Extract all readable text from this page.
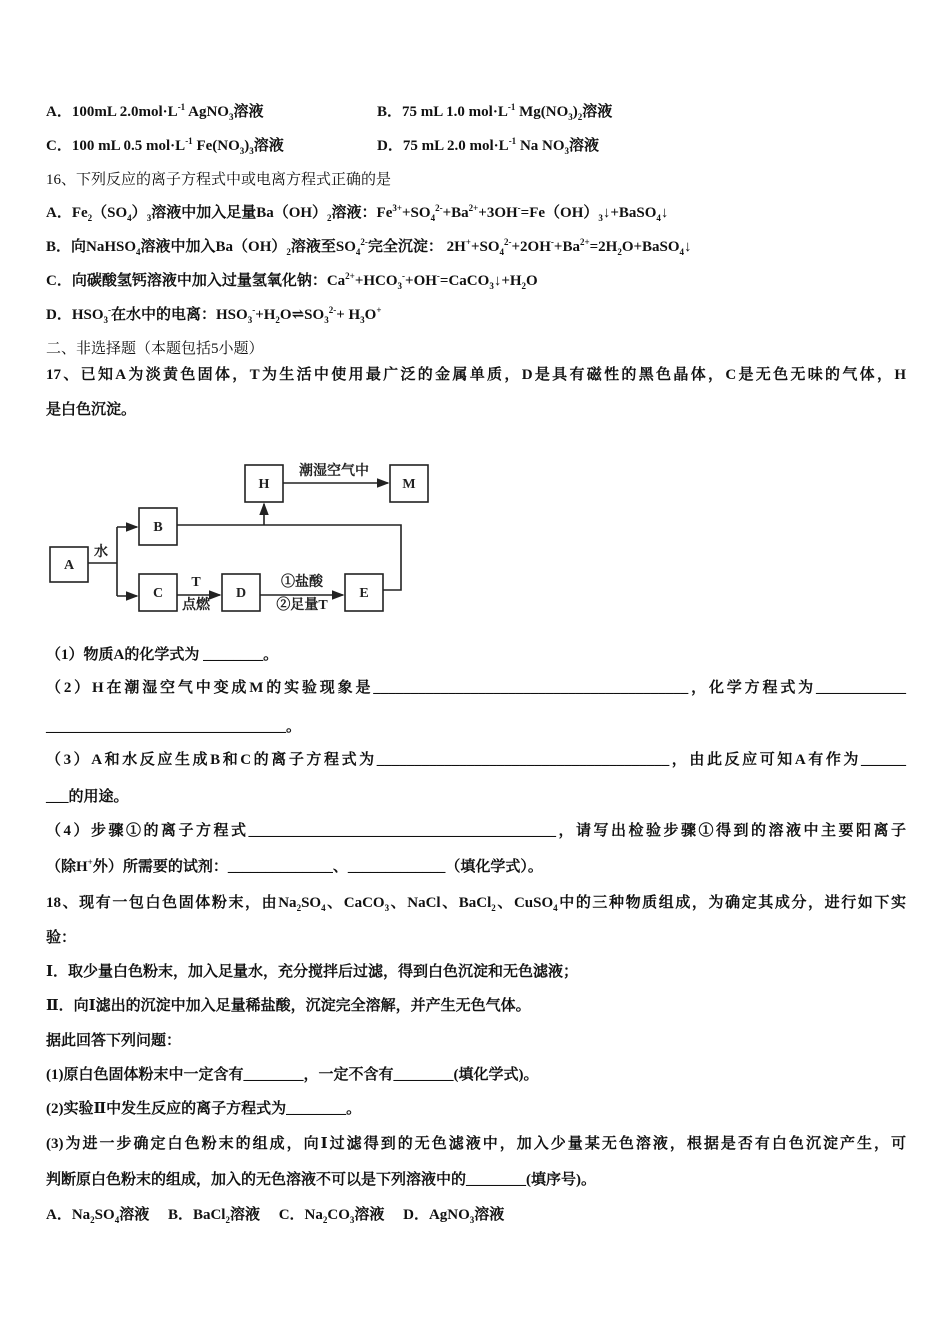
A
B
C	D	E
H	M
水
T
点燃
①盐酸
②足量T
潮湿空气中
A．100mL $2.0mol\cdot L^{-1}$ AgNO$_3$溶液	B．75 mL 1.0 $mol\cdot L^{-1}$ $Mg(NO_3)_2$溶液
C．100 mL 0.5 $mol\cdot L^{-1}$ $Fe(NO_3)_3$溶液	D．75 mL 2.0 $mol\cdot L^{-1}$ Na $NO_3$溶液
16、下列反应的离子方程式中或电离方程式正确的是
A．$Fe_2(SO_4)_3$溶液中加入足量$Ba(OH)_2$溶液：$Fe^{3+}+SO_4^{2-}+Ba^{2+}+3OH^-=Fe(OH)_3↓+BaSO_4↓$
B．向NaHSO$_4$溶液中加入$Ba(OH)_2$溶液至$SO_4^{2-}$完全沉淀： $2H^++SO_4^{2-}+2OH^-+Ba^{2+}=2H_2O+BaSO_4↓$
C．向碳酸氢钙溶液中加入过量氢氧化钠：$Ca^{2+}+HCO_3^-+OH^-=CaCO_3↓+H_2O$
D．$HSO_3^-$在水中的电离：$HSO_3^-+H_2O\rightleftharpoons SO_3^{2-}+ H_3O^+$
二、非选择题（本题包括5小题）
17、已知A为淡黄色固体，T为生活中使用最广泛的金属单质，D是具有磁性的黑色晶体，C是无色无味的气体，H
是白色沉淀。
（1）物质A的化学式为 ________。
（2）H在潮湿空气中变成M的实验现象是__________________________________________，化学方程式为____________
________________________________。
（3）A和水反应生成B和C的离子方程式为_______________________________________，由此反应可知A有作为______
___的用途。
（4）步骤①的离子方程式_________________________________________，请写出检验步骤①得到的溶液中主要阳离子
（除H+外）所需要的试剂：______________、_____________（填化学式）。
18、现有一包白色固体粉末，由$Na_2SO_4$、CaCO$_3$、NaCl、BaCl$_2$、CuSO$_4$中的三种物质组成，为确定其成分，进行如下实
验：
Ⅰ．取少量白色粉末，加入足量水，充分搅拌后过滤，得到白色沉淀和无色滤液；
Ⅱ．向Ⅰ滤出的沉淀中加入足量稀盐酸，沉淀完全溶解，并产生无色气体。
据此回答下列问题：
(1)原白色固体粉末中一定含有________，一定不含有________(填化学式)。
(2)实验Ⅱ中发生反应的离子方程式为________。
(3)为进一步确定白色粉末的组成，向Ⅰ过滤得到的无色滤液中，加入少量某无色溶液，根据是否有白色沉淀产生，可
判断原白色粉末的组成，加入的无色溶液不可以是下列溶液中的________(填序号)。
A．$Na_2SO_4$溶液　 B．BaCl$_2$溶液　 C．$Na_2CO_3$溶液　 D．AgNO$_3$溶液
